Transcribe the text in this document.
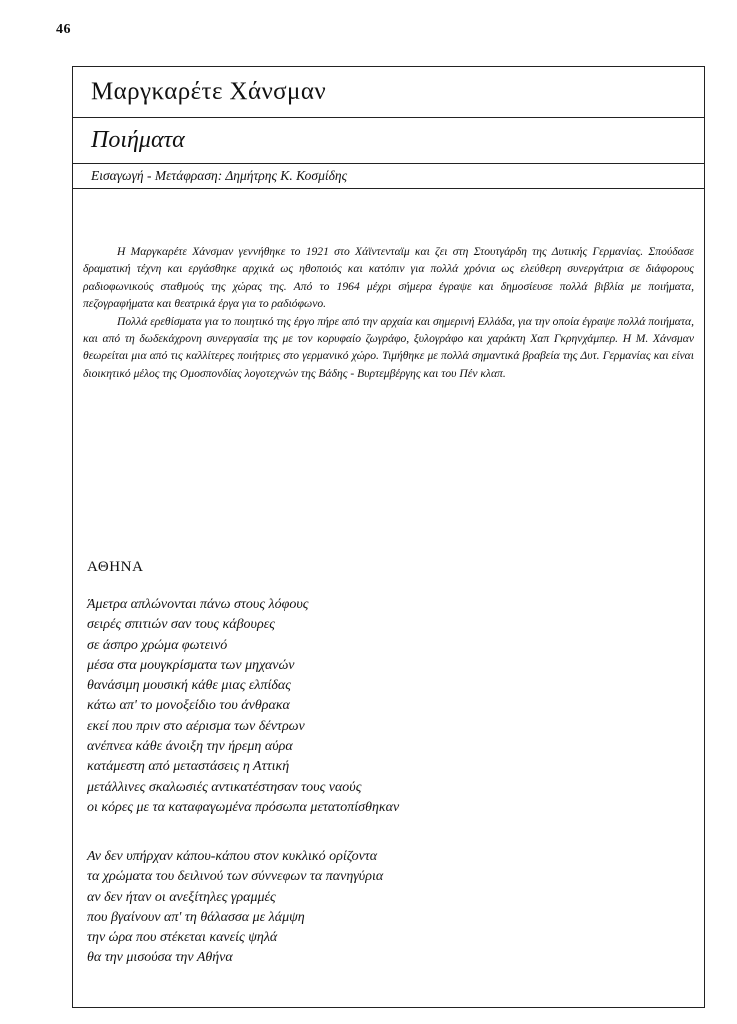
46
Μαργκαρέτε Χάνσμαν
Ποιήματα
Εισαγωγή - Μετάφραση: Δημήτρης Κ. Κοσμίδης

Η Μαργκαρέτε Χάνσμαν γεννήθηκε το 1921 στο Χάϊντενταϊμ και ζει στη Στουτγάρδη της Δυτικής Γερμανίας. Σπούδασε δραματική τέχνη και εργάσθηκε αρχικά ως ηθοποιός και κατόπιν για πολλά χρόνια ως ελεύθερη συνεργάτρια σε διάφορους ραδιοφωνικούς σταθμούς της χώρας της. Από το 1964 μέχρι σήμερα έγραψε και δημοσίευσε πολλά βιβλία με ποιήματα, πεζογραφήματα και θεατρικά έργα για το ραδιόφωνο.

Πολλά ερεθίσματα για το ποιητικό της έργο πήρε από την αρχαία και σημερινή Ελλάδα, για την οποία έγραψε πολλά ποιήματα, και από τη δωδεκάχρονη συνεργασία της με τον κορυφαίο ζωγράφο, ξυλογράφο και χαράκτη Χαπ Γκρηνχάμπερ. Η Μ. Χάνσμαν θεωρείται μια από τις καλλίτερες ποιήτριες στο γερμανικό χώρο. Τιμήθηκε με πολλά σημαντικά βραβεία της Δυτ. Γερμανίας και είναι διοικητικό μέλος της Ομοσπονδίας λογοτεχνών της Βάδης - Βυρτεμβέργης και του Πέν κλαπ.

ΑΘΗΝΑ
Άμετρα απλώνονται πάνω στους λόφους
σειρές σπιτιών σαν τους κάβουρες
σε άσπρο χρώμα φωτεινό
μέσα στα μουγκρίσματα των μηχανών
θανάσιμη μουσική κάθε μιας ελπίδας
κάτω απ' το μονοξείδιο του άνθρακα
εκεί που πριν στο αέρισμα των δέντρων
ανέπνεα κάθε άνοιξη την ήρεμη αύρα
κατάμεστη από μεταστάσεις η Αττική
μετάλλινες σκαλωσιές αντικατέστησαν τους ναούς
οι κόρες με τα καταφαγωμένα πρόσωπα μετατοπίσθηκαν
Αν δεν υπήρχαν κάπου-κάπου στον κυκλικό ορίζοντα
τα χρώματα του δειλινού των σύννεφων τα πανηγύρια
αν δεν ήταν οι ανεξίτηλες γραμμές
που βγαίνουν απ' τη θάλασσα με λάμψη
την ώρα που στέκεται κανείς ψηλά
θα την μισούσα την Αθήνα
